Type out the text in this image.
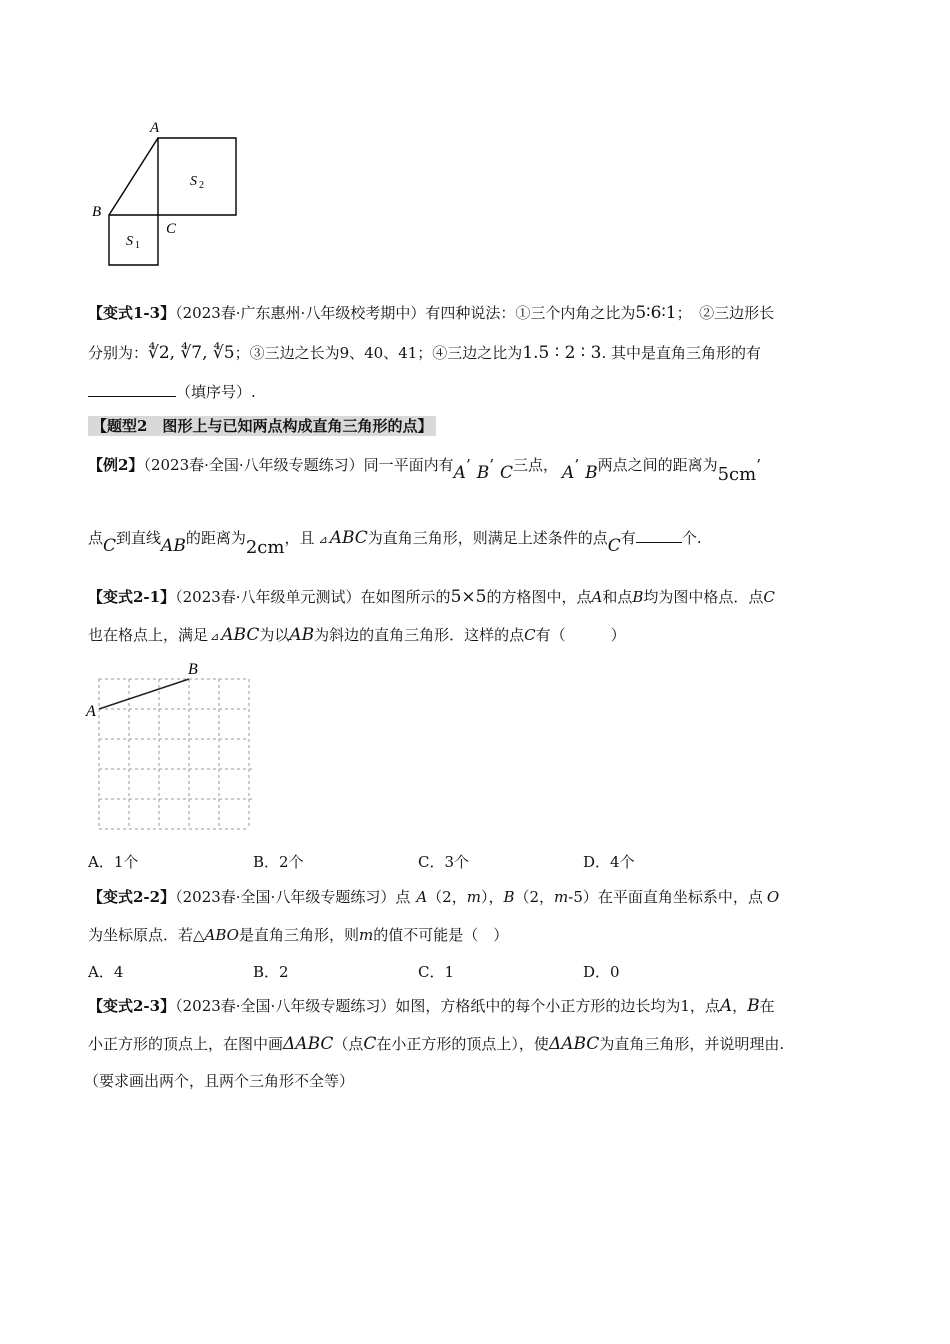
A
B
C
S 1
S 2
【变式1-3】（2023春·广东惠州·八年级校考期中）有四种说法：①三个内角之比为5∶6∶1；　②三边形长
分别为：∜2, ∜7, ∜5；③三边之长为9、40、41；④三边之比为1.5 ∶ 2 ∶ 3. 其中是直角三角形的有
（填序号）.
【题型2　图形上与已知两点构成直角三角形的点】
【例2】（2023春·全国·八年级专题练习）同一平面内有A’ B’ C三点， A’ B两点之间的距离为5cm’
点C到直线AB的距离为2cm，且 ⊿ ABC为直角三角形，则满足上述条件的点C有	个.
【变式2-1】（2023春·八年级单元测试）在如图所示的5×5的方格图中，点A和点B均为图中格点．点C
也在格点上，满足 ⊿ ABC为以AB为斜边的直角三角形．这样的点C有（　　　）
A
B
A．1个	B．2个	C．3个	D．4个
【变式2-2】（2023春·全国·八年级专题练习）点 A（2，m），B（2，m-5）在平面直角坐标系中，点 O
为坐标原点．若△ABO是直角三角形，则m的值不可能是（　）
A．4	B．2	C．1	D．0
【变式2-3】（2023春·全国·八年级专题练习）如图，方格纸中的每个小正方形的边长均为1，点A，B在
小正方形的顶点上，在图中画ΔABC（点C在小正方形的顶点上），使ΔABC为直角三角形，并说明理由.
（要求画出两个，且两个三角形不全等）
